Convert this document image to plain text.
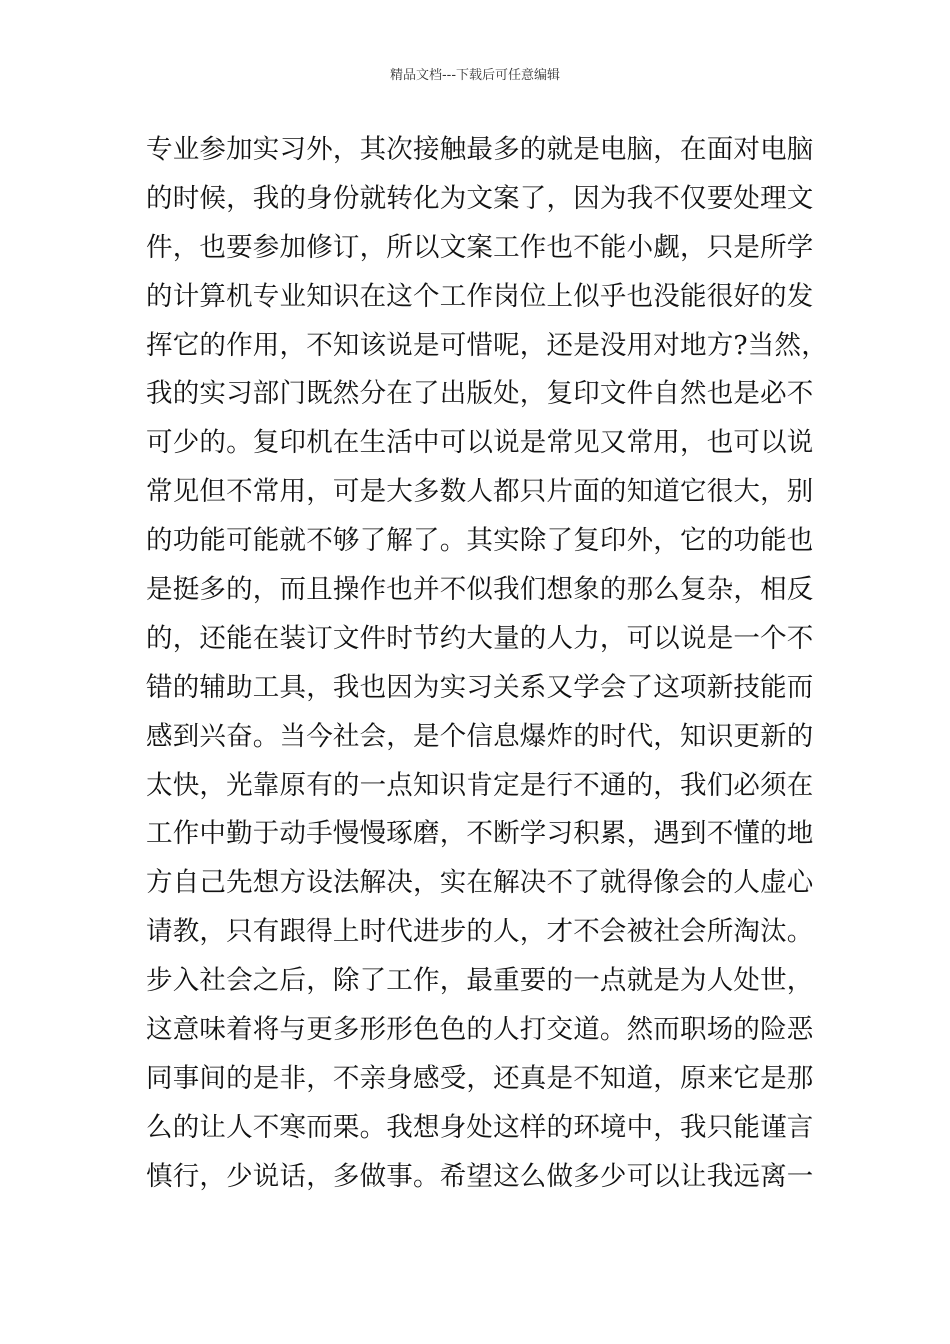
精品文档---下载后可任意编辑
专业参加实习外，其次接触最多的就是电脑，在面对电脑
的时候，我的身份就转化为文案了，因为我不仅要处理文
件，也要参加修订，所以文案工作也不能小觑，只是所学
的计算机专业知识在这个工作岗位上似乎也没能很好的发
挥它的作用，不知该说是可惜呢，还是没用对地方?当然，
我的实习部门既然分在了出版处，复印文件自然也是必不
可少的。复印机在生活中可以说是常见又常用，也可以说
常见但不常用，可是大多数人都只片面的知道它很大，别
的功能可能就不够了解了。其实除了复印外，它的功能也
是挺多的，而且操作也并不似我们想象的那么复杂，相反
的，还能在装订文件时节约大量的人力，可以说是一个不
错的辅助工具，我也因为实习关系又学会了这项新技能而
感到兴奋。当今社会，是个信息爆炸的时代，知识更新的
太快，光靠原有的一点知识肯定是行不通的，我们必须在
工作中勤于动手慢慢琢磨，不断学习积累，遇到不懂的地
方自己先想方设法解决，实在解决不了就得像会的人虚心
请教，只有跟得上时代进步的人，才不会被社会所淘汰。
步入社会之后，除了工作，最重要的一点就是为人处世，
这意味着将与更多形形色色的人打交道。然而职场的险恶
同事间的是非，不亲身感受，还真是不知道，原来它是那
么的让人不寒而栗。我想身处这样的环境中，我只能谨言
慎行，少说话，多做事。希望这么做多少可以让我远离一
